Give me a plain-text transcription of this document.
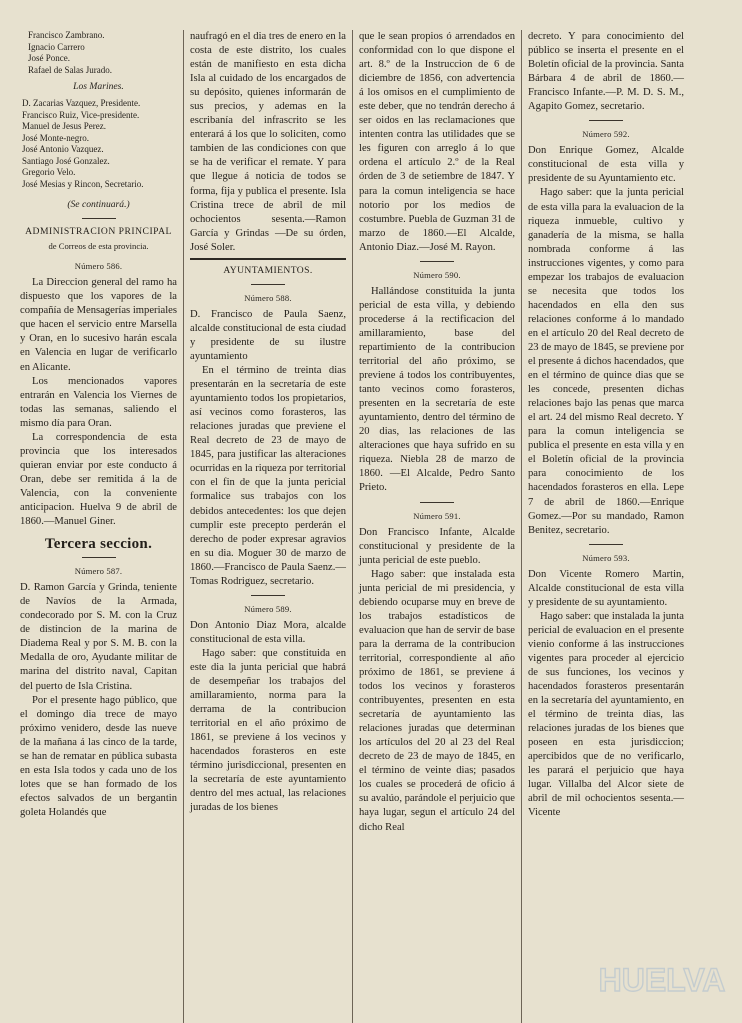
Francisco Zambrano.
Ignacio Carrero
José Ponce.
Rafael de Salas Jurado.
Los Marines.
D. Zacarias Vazquez, Presidente.
Francisco Ruiz, Vice-presidente.
Manuel de Jesus Perez.
José Monte-negro.
José Antonio Vazquez.
Santiago José Gonzalez.
Gregorio Velo.
José Mesias y Rincon, Secretario.
(Se continuará.)
ADMINISTRACION PRINCIPAL
de Correos de esta provincia.
Número 586.

La Direccion general del ramo ha dispuesto que los vapores de la compañía de Mensagerías imperiales que hacen el servicio entre Marsella y Oran, en lo sucesivo harán escala en Valencia en lugar de verificarlo en Alicante.

Los mencionados vapores entrarán en Valencia los Viernes de todas las semanas, saliendo el mismo día para Oran.

La correspondencia de esta provincia que los interesados quieran enviar por este conducto á Oran, debe ser remitida á la de Valencia, con la conveniente anticipacion. Huelva 9 de abril de 1860.—Manuel Giner.

Tercera seccion.
Número 587.

D. Ramon García y Grinda, teniente de Navíos de la Armada, condecorado por S. M. con la Cruz de distincion de la marina de Diadema Real y por S. M. B. con la Medalla de oro, Ayudante militar de marina del distrito naval, Capitan del puerto de Isla Cristina.

Por el presente hago público, que el domingo dia trece de mayo próximo venidero, desde las nueve de la mañana á las cinco de la tarde, se han de rematar en pública subasta en esta Isla todos y cada uno de los lotes que se han formado de los efectos salvados de un bergantin goleta Holandés que

naufragó en el dia tres de enero en la costa de este distrito, los cuales están de manifiesto en esta dicha Isla al cuidado de los encargados de su depósito, quienes informarán de sus precios, y ademas en la escribanía del infrascrito se les enterará á los que lo soliciten, como tambien de las condiciones con que se ha de verificar el remate. Y para que llegue á noticia de todos se forma, fija y publica el presente. Isla Cristina trece de abril de mil ochocientos sesenta.—Ramon García y Grindas —De su órden, José Soler.

AYUNTAMIENTOS.
Número 588.

D. Francisco de Paula Saenz, alcalde constitucional de esta ciudad y presidente de su ilustre ayuntamiento

En el término de treinta dias presentarán en la secretaría de este ayuntamiento todos los propietarios, así vecinos como forasteros, las relaciones juradas que previene el Real decreto de 23 de mayo de 1845, para justificar las alteraciones ocurridas en la riqueza por territorial con el fin de que la junta pericial formalice sus trabajos con los debidos antecedentes: los que dejen cumplir este precepto perderán el derecho de poder expresar agravios en su dia. Moguer 30 de marzo de 1860.—Francisco de Paula Saenz.—Tomas Rodriguez, secretario.

Número 589.

Don Antonio Diaz Mora, alcalde constitucional de esta villa.

Hago saber: que constituida en este dia la junta pericial que habrá de desempeñar los trabajos del amillaramiento, norma para la derrama de la contribucion territorial en el año próximo de 1861, se previene á los vecinos y hacendados forasteros en este término jurisdiccional, presenten en la secretaría de este ayuntamiento dentro del mes actual, las relaciones juradas de los bienes

que le sean propios ó arrendados en conformidad con lo que dispone el art. 8.º de la Instruccion de 6 de diciembre de 1856, con advertencia á los omisos en el cumplimiento de este deber, que no tendrán derecho á ser oidos en las reclamaciones que intenten contra las utilidades que se les figuren con arreglo á lo que ordena el artículo 2.º de la Real órden de 3 de setiembre de 1847. Y para la comun inteligencia se hace notorio por los medios de costumbre. Puebla de Guzman 31 de marzo de 1860.—El Alcalde, Antonio Diaz.—José M. Rayon.

Número 590.

Hallándose constituida la junta pericial de esta villa, y debiendo procederse á la rectificacion del amillaramiento, base del repartimiento de la contribucion territorial del año próximo, se previene á todos los contribuyentes, tanto vecinos como forasteros, presenten en la secretaría de este ayuntamiento, dentro del término de 20 dias, las relaciones de las alteraciones que haya sufrido en su riqueza. Niebla 28 de marzo de 1860. —El Alcalde, Pedro Santo Prieto.

Número 591.

Don Francisco Infante, Alcalde constitucional y presidente de la junta pericial de este pueblo.

Hago saber: que instalada esta junta pericial de mi presidencia, y debiendo ocuparse muy en breve de los trabajos estadísticos de evaluacion que han de servir de base para la derrama de la contribucion territorial, correspondiente al año próximo de 1861, se previene á todos los vecinos y forasteros contribuyentes, presenten en esta secretaría de ayuntamiento las relaciones juradas que determinan los artículos del 20 al 23 del Real decreto de 23 de mayo de 1845, en el término de veinte dias; pasados los cuales se procederá de oficio á su avalúo, parándole el perjuicio que haya lugar, segun el artículo 24 del dicho Real

decreto. Y para conocimiento del público se inserta el presente en el Boletín oficial de la provincia. Santa Bárbara 4 de abril de 1860.—Francisco Infante.—P. M. D. S. M., Agapito Gomez, secretario.

Número 592.

Don Enrique Gomez, Alcalde constitucional de esta villa y presidente de su Ayuntamiento etc.

Hago saber: que la junta pericial de esta villa para la evaluacion de la riqueza inmueble, cultivo y ganadería de la misma, se halla nombrada conforme á las instrucciones vigentes, y como para empezar los trabajos de evaluacion se necesita que todos los hacendados en ella den sus relaciones conforme á lo mandado en el artículo 20 del Real decreto de 23 de mayo de 1845, se previene por el presente á dichos hacendados, que en el término de quince dias que se les concede, presenten dichas relaciones bajo las penas que marca el art. 24 del mismo Real decreto. Y para la comun inteligencia se publica el presente en esta villa y en el Boletín oficial de la provincia para conocimiento de los hacendados forasteros en ella. Lepe 7 de abril de 1860.—Enrique Gomez.—Por su mandado, Ramon Benitez, secretario.

Número 593.

Don Vicente Romero Martin, Alcalde constitucional de esta villa y presidente de su ayuntamiento.

Hago saber: que instalada la junta pericial de evaluacion en el presente vienio conforme á las instrucciones vigentes para proceder al ejercicio de sus funciones, los vecinos y hacendados forasteros presentarán en la secretaría del ayuntamiento, en el término de treinta dias, las relaciones juradas de los bienes que poseen en esta jurisdiccion; apercibidos que de no verificarlo, les parará el perjuicio que haya lugar. Villalba del Alcor siete de abril de mil ochocientos sesenta.—Vicente

HUELVA
